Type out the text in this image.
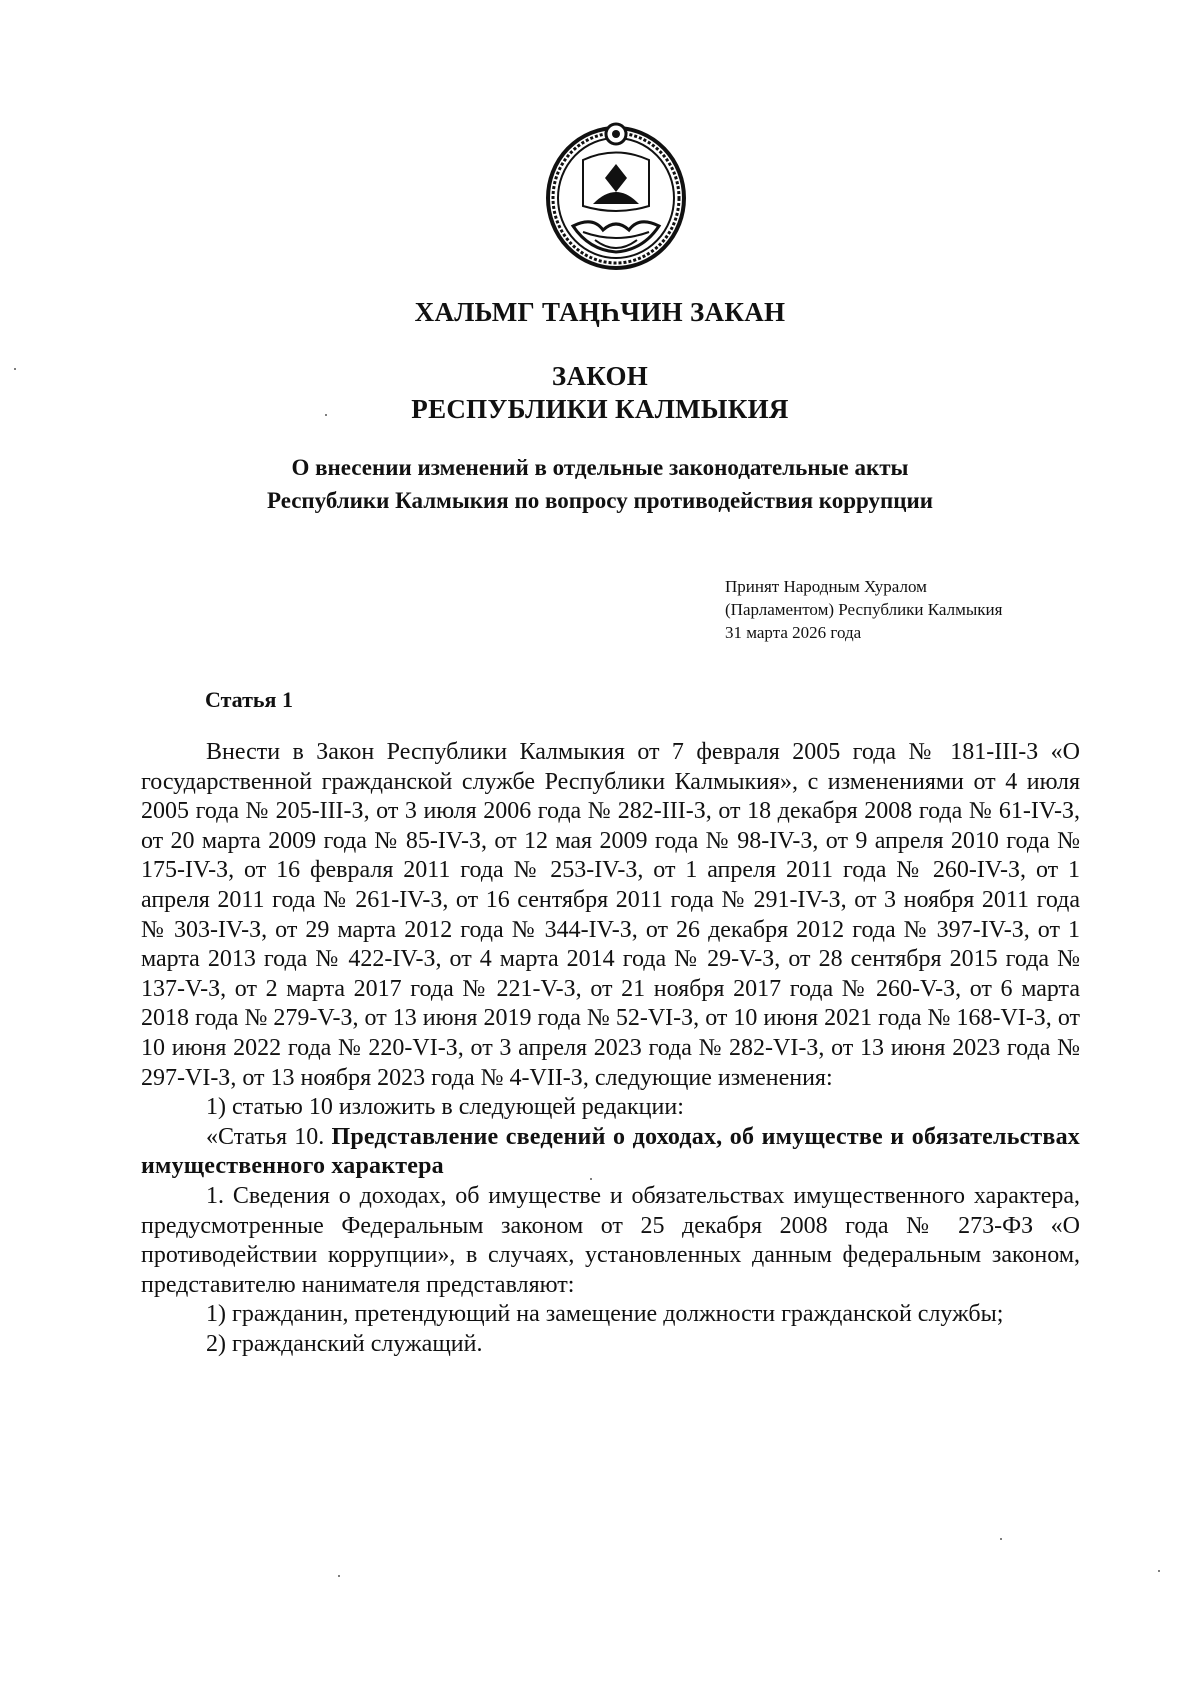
ХАЛЬМГ ТАҢҺЧИН ЗАКАН
ЗАКОН
РЕСПУБЛИКИ КАЛМЫКИЯ
О внесении изменений в отдельные законодательные акты
Республики Калмыкия по вопросу противодействия коррупции
Принят Народным Хуралом
(Парламентом) Республики Калмыкия
31 марта 2026 года
Статья 1

Внести в Закон Республики Калмыкия от 7 февраля 2005 года № 181-III-З «О государственной гражданской службе Республики Калмыкия», с изменениями от 4 июля 2005 года № 205-III-З, от 3 июля 2006 года № 282-III-З, от 18 декабря 2008 года № 61-IV-З, от 20 марта 2009 года № 85-IV-З, от 12 мая 2009 года № 98-IV-З, от 9 апреля 2010 года № 175-IV-З, от 16 февраля 2011 года № 253-IV-З, от 1 апреля 2011 года № 260-IV-З, от 1 апреля 2011 года № 261-IV-З, от 16 сентября 2011 года № 291-IV-З, от 3 ноября 2011 года № 303-IV-З, от 29 марта 2012 года № 344-IV-З, от 26 декабря 2012 года № 397-IV-З, от 1 марта 2013 года № 422-IV-З, от 4 марта 2014 года № 29-V-З, от 28 сентября 2015 года № 137-V-З, от 2 марта 2017 года № 221-V-З, от 21 ноября 2017 года № 260-V-З, от 6 марта 2018 года № 279-V-З, от 13 июня 2019 года № 52-VI-З, от 10 июня 2021 года № 168-VI-З, от 10 июня 2022 года № 220-VI-З, от 3 апреля 2023 года № 282-VI-З, от 13 июня 2023 года № 297-VI-З, от 13 ноября 2023 года № 4-VII-З, следующие изменения:

1) статью 10 изложить в следующей редакции:

«Статья 10. Представление сведений о доходах, об имуществе и обязательствах имущественного характера

1. Сведения о доходах, об имуществе и обязательствах имущественного характера, предусмотренные Федеральным законом от 25 декабря 2008 года № 273-ФЗ «О противодействии коррупции», в случаях, установленных данным федеральным законом, представителю нанимателя представляют:

1) гражданин, претендующий на замещение должности гражданской службы;

2) гражданский служащий.
